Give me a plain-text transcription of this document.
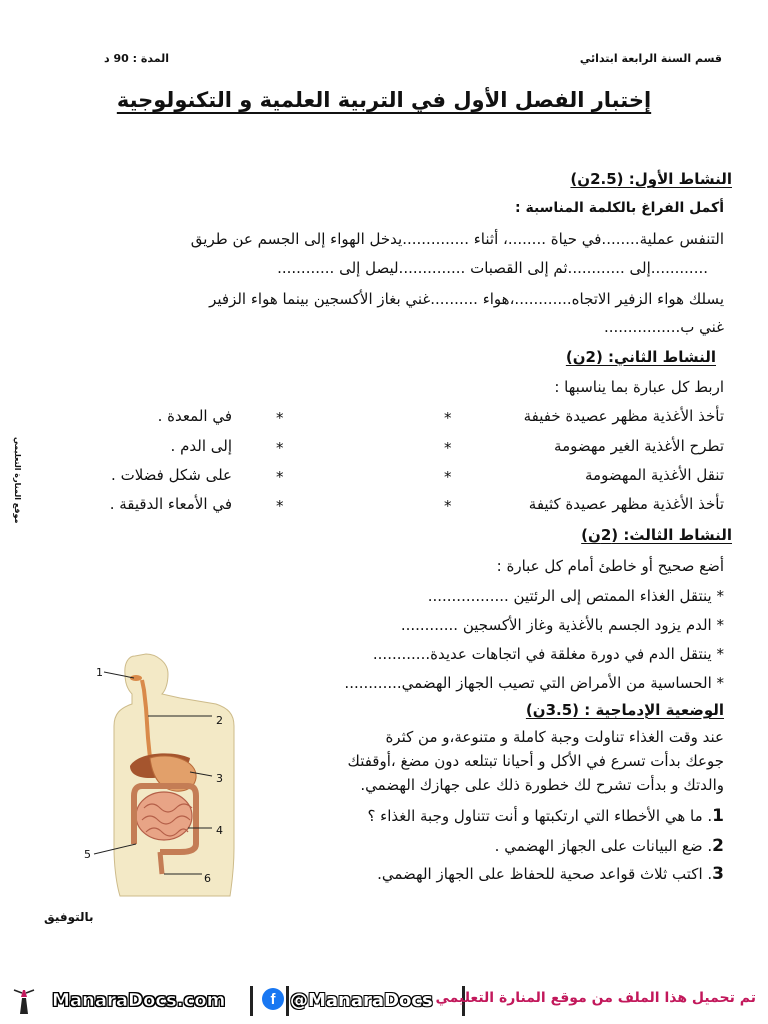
قسم السنة الرابعة ابتدائي
المدة : 90 د
إختبار الفصل الأول في التربية العلمية و التكنولوجية
النشاط الأول: (2.5ن)
أكمل الفراغ بالكلمة المناسبة :
التنفس عملية........في حياة ........، أثناء ..............يدخل الهواء إلى الجسم عن طريق
............إلى ............ثم إلى القصبات ..............ليصل إلى ............
يسلك هواء الزفير الاتجاه............،هواء ..........غني بغاز الأكسجين بينما هواء الزفير
غني ب................
النشاط الثاني: (2ن)
اربط كل عبارة بما يناسبها :
تأخذ الأغذية مظهر عصيدة خفيفة
تطرح الأغذية الغير مهضومة
تنقل الأغذية المهضومة
تأخذ الأغذية مظهر عصيدة كثيفة
*
*
*
*
*
*
*
*
في المعدة .
إلى الدم .
على شكل فضلات .
في الأمعاء الدقيقة .
النشاط الثالث: (2ن)
أضع صحيح أو خاطئ أمام كل عبارة :
* ينتقل الغذاء الممتص إلى الرئتين .................
* الدم يزود الجسم بالأغذية وغاز الأكسجين ............
* ينتقل الدم في دورة مغلقة في اتجاهات عديدة............
* الحساسية من الأمراض التي تصيب الجهاز الهضمي............
الوضعية الإدماجية : (3.5ن)
عند وقت الغذاء تناولت وجبة كاملة و متنوعة،و من كثرة
جوعك بدأت تسرع في الأكل و أحيانا تبتلعه دون مضغ ،أوقفتك
والدتك و بدأت تشرح لك خطورة ذلك على جهازك الهضمي.
1. ما هي الأخطاء التي ارتكبتها و أنت تتناول وجبة الغذاء ؟
2. ضع البيانات على الجهاز الهضمي .
3. اكتب ثلاث قواعد صحية للحفاظ على الجهاز الهضمي.
1
2
3
4
5
6
بالتوفيق
موقع المنارة التعليمي
ManaraDocs.com	f @ManaraDocs تم تحميل هذا الملف من موقع المنارة التعليمي
